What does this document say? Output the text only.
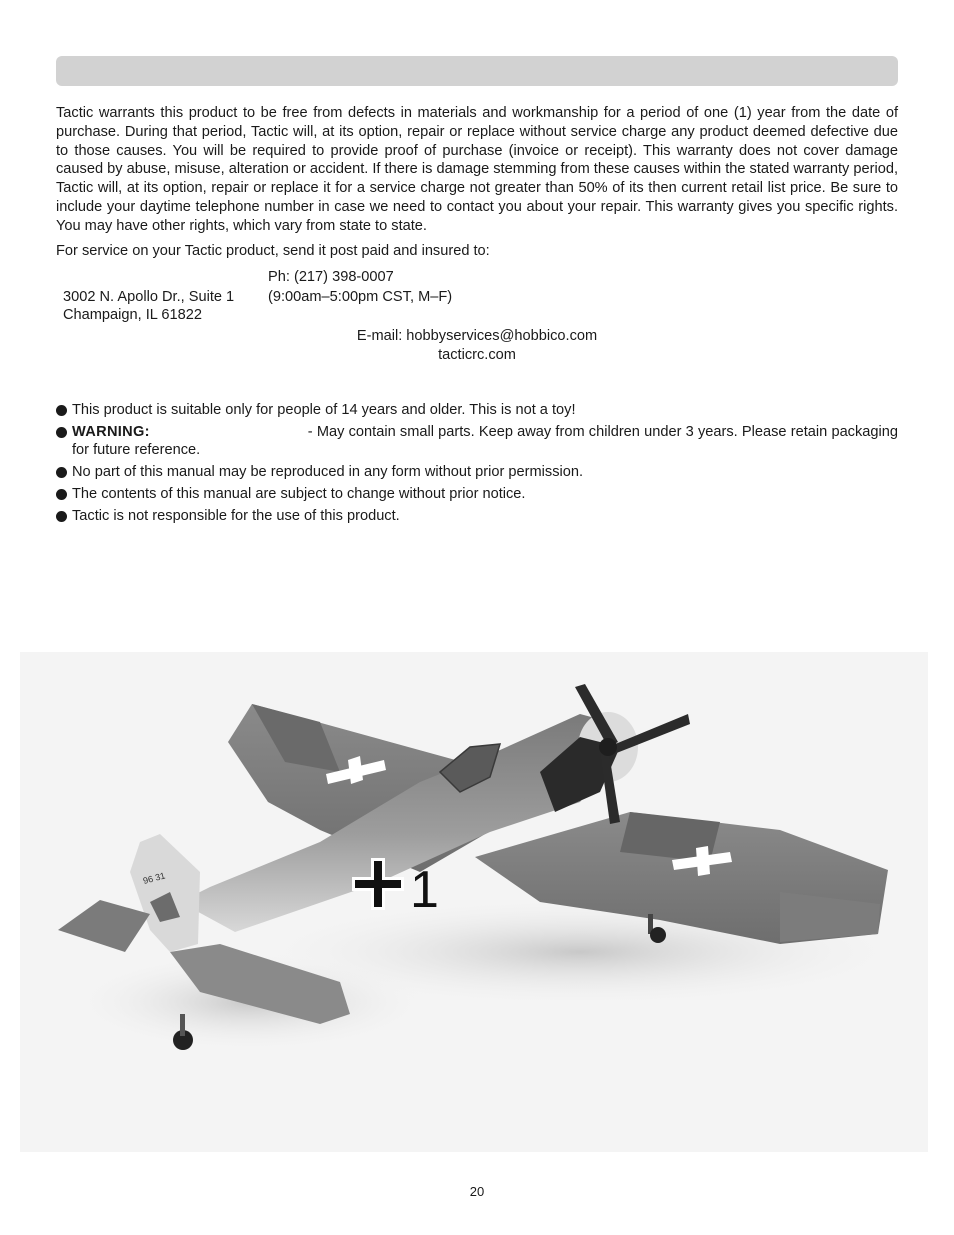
Tactic warrants this product to be free from defects in materials and workmanship for a period of one (1) year from the date of purchase. During that period, Tactic will, at its option, repair or replace without service charge any product deemed defective due to those causes. You will be required to provide proof of purchase (invoice or receipt). This warranty does not cover damage caused by abuse, misuse, alteration or accident. If there is damage stemming from these causes within the stated warranty period, Tactic will, at its option, repair or replace it for a service charge not greater than 50% of its then current retail list price. Be sure to include your daytime telephone number in case we need to contact you about your repair. This warranty gives you specific rights. You may have other rights, which vary from state to state.

For service on your Tactic product, send it post paid and insured to:

Ph: (217) 398-0007

3002 N. Apollo Dr., Suite 1 (9:00am–5:00pm CST, M–F)

Champaign, IL 61822

E-mail: hobbyservices@hobbico.com

tacticrc.com

This product is suitable only for people of 14 years and older. This is not a toy!
WARNING:	- May contain small parts. Keep away from children under 3 years. Please retain packaging for future reference.
No part of this manual may be reproduced in any form without prior permission.
The contents of this manual are subject to change without prior notice.
Tactic is not responsible for the use of this product.
1
96 31

20
